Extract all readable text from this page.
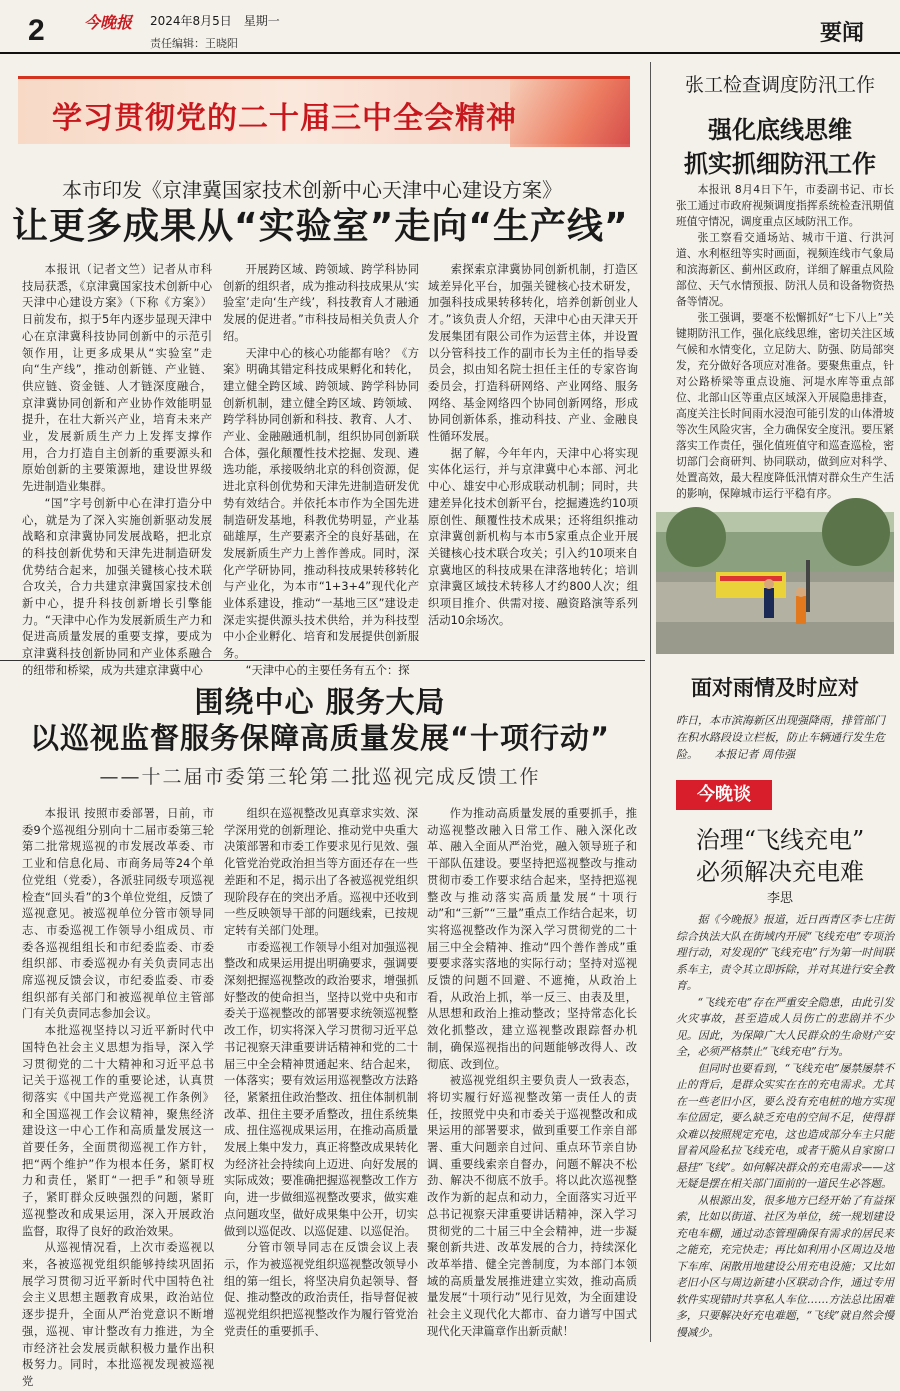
2 今晚报 2024年8月5日　星期一
责任编辑：王晓阳	要闻
学习贯彻党的二十届三中全会精神
本市印发《京津冀国家技术创新中心天津中心建设方案》
让更多成果从“实验室”走向“生产线”

本报讯（记者文竺）记者从市科技局获悉，《京津冀国家技术创新中心天津中心建设方案》（下称《方案》）日前发布，拟于5年内逐步显现天津中心在京津冀科技协同创新中的示范引领作用，让更多成果从“实验室”走向“生产线”，推动创新链、产业链、供应链、资金链、人才链深度融合，京津冀协同创新和产业协作效能明显提升，在壮大新兴产业，培育未来产业，发展新质生产力上发挥支撑作用，合力打造自主创新的重要源头和原始创新的主要策源地，建设世界级先进制造业集群。

“国”字号创新中心在津打造分中心，就是为了深入实施创新驱动发展战略和京津冀协同发展战略，把北京的科技创新优势和天津先进制造研发优势结合起来，加强关键核心技术联合攻关，合力共建京津冀国家技术创新中心，提升科技创新增长引擎能力。“天津中心作为发展新质生产力和促进高质量发展的重要支撑，要成为京津冀科技创新协同和产业体系融合的纽带和桥梁，成为共建京津冀中心

开展跨区域、跨领域、跨学科协同创新的组织者，成为推动科技成果从‘实验室’走向‘生产线’，科技教育人才融通发展的促进者。”市科技局相关负责人介绍。

天津中心的核心功能都有啥？《方案》明确其错定科技成果孵化和转化，建立健全跨区域、跨领域、跨学科协同创新机制，建立健全跨区域、跨领域、跨学科协同创新和科技、教育、人才、产业、金融融通机制，组织协同创新联合体，强化颠覆性技术挖掘、发现、遴选功能，承接吸纳北京的科创资源，促进北京科创优势和天津先进制造研发优势有效结合。并依托本市作为全国先进制造研发基地，科教优势明显，产业基础雄厚，生产要素齐全的良好基础，在发展新质生产力上善作善成。同时，深化产学研协同，推动科技成果转移转化与产业化，为本市“1+3+4”现代化产业体系建设，推动“一基地三区”建设走深走实提供源头技术供给，并为科技型中小企业孵化、培育和发展提供创新服务。

“天津中心的主要任务有五个：探

索探索京津冀协同创新机制，打造区域差异化平台，加强关键核心技术研发，加强科技成果转移转化，培养创新创业人才。”该负责人介绍，天津中心由天津天开发展集团有限公司作为运营主体，并设置以分管科技工作的副市长为主任的指导委员会，拟由知名院士担任主任的专家咨询委员会，打造科研网络、产业网络、服务网络、基金网络四个协同创新网络，形成协同创新体系，推动科技、产业、金融良性循环发展。

据了解，今年年内，天津中心将实现实体化运行，并与京津冀中心本部、河北中心、雄安中心形成联动机制；同时，共建差异化技术创新平台，挖掘遴选约10项原创性、颠覆性技术成果；还将组织推动京津冀创新机构与本市5家重点企业开展关键核心技术联合攻关；引入约10项来自京冀地区的科技成果在津落地转化；培训京津冀区域技术转移人才约800人次；组织项目推介、供需对接、融资路演等系列活动10余场次。

围绕中心 服务大局
以巡视监督服务保障高质量发展“十项行动”
——十二届市委第三轮第二批巡视完成反馈工作

本报讯 按照市委部署，日前，市委9个巡视组分别向十二届市委第三轮第二批常规巡视的市发展改革委、市工业和信息化局、市商务局等24个单位党组（党委），各派驻同级专项巡视检查“回头看”的3个单位党组，反馈了巡视意见。被巡视单位分管市领导同志、市委巡视工作领导小组成员、市委各巡视组组长和市纪委监委、市委组织部、市委巡视办有关负责同志出席巡视反馈会议，市纪委监委、市委组织部有关部门和被巡视单位主管部门有关负责同志参加会议。

本批巡视坚持以习近平新时代中国特色社会主义思想为指导，深入学习贯彻党的二十大精神和习近平总书记关于巡视工作的重要论述，认真贯彻落实《中国共产党巡视工作条例》和全国巡视工作会议精神，聚焦经济建设这一中心工作和高质量发展这一首要任务，全面贯彻巡视工作方针，把“两个维护”作为根本任务，紧盯权力和责任，紧盯“一把手”和领导班子，紧盯群众反映强烈的问题，紧盯巡视整改和成果运用，深入开展政治监督，取得了良好的政治效果。

从巡视情况看，上次市委巡视以来，各被巡视党组织能够持续巩固拓展学习贯彻习近平新时代中国特色社会主义思想主题教育成果，政治站位逐步提升，全面从严治党意识不断增强，巡视、审计整改有力推进，为全市经济社会发展贡献积极力量作出积极努力。同时，本批巡视发现被巡视党

组织在巡视整改见真章求实效、深学深用党的创新理论、推动党中央重大决策部署和市委工作要求见行见效、强化管党治党政治担当等方面还存在一些差距和不足，揭示出了各被巡视党组织现阶段存在的突出矛盾。巡视中还收到一些反映领导干部的问题线索，已按规定转有关部门处理。

市委巡视工作领导小组对加强巡视整改和成果运用提出明确要求，强调要深刻把握巡视整改的政治要求，增强抓好整改的使命担当，坚持以党中央和市委关于巡视整改的部署要求统领巡视整改工作，切实将深入学习贯彻习近平总书记视察天津重要讲话精神和党的二十届三中全会精神贯通起来、结合起来，一体落实；要有效运用巡视整改方法路径，紧紧扭住政治整改、扭住体制机制改革、扭住主要矛盾整改，扭住系统集成、扭住巡视成果运用，在推动高质量发展上集中发力，真正将整改成果转化为经济社会持续向上迈进、向好发展的实际成效；要准确把握巡视整改工作方向，进一步做细巡视整改要求，做实难点问题攻坚，做好成果集中公开，切实做到以巡促改、以巡促建、以巡促治。

分管市领导同志在反馈会议上表示，作为被巡视党组织巡视整改领导小组的第一组长，将坚决肩负起领导、督促、推动整改的政治责任，指导督促被巡视党组织把巡视整改作为履行管党治党责任的重要抓手、

作为推动高质量发展的重要抓手，推动巡视整改融入日常工作、融入深化改革、融入全面从严治党，融入领导班子和干部队伍建设。要坚持把巡视整改与推动贯彻市委工作要求结合起来，坚持把巡视整改与推动落实高质量发展“十项行动”和“三新”“三量”重点工作结合起来，切实将巡视整改作为深入学习贯彻党的二十届三中全会精神、推动“四个善作善成”重要要求落实落地的实际行动；坚持对巡视反馈的问题不回避、不遮掩，从政治上看，从政治上抓，举一反三、由表及里，从思想和政治上推动整改；坚持常态化长效化抓整改，建立巡视整改跟踪督办机制，确保巡视指出的问题能够改得人、改彻底、改到位。

被巡视党组织主要负责人一致表态，将切实履行好巡视整改第一责任人的责任，按照党中央和市委关于巡视整改和成果运用的部署要求，做到重要工作亲自部署、重大问题亲自过问、重点环节亲自协调、重要线索亲自督办，问题不解决不松劲、解决不彻底不放手。将以此次巡视整改作为新的起点和动力，全面落实习近平总书记视察天津重要讲话精神，深入学习贯彻党的二十届三中全会精神，进一步凝聚创新共进、改革发展的合力，持续深化改革举措、健全完善制度，为本部门本领域的高质量发展推进建立实效，推动高质量发展“十项行动”见行见效，为全面建设社会主义现代化大都市、奋力谱写中国式现代化天津篇章作出新贡献！

张工检查调度防汛工作
强化底线思维
抓实抓细防汛工作

本报讯 8月4日下午，市委副书记、市长张工通过市政府视频调度指挥系统检查汛期值班值守情况，调度重点区域防汛工作。

张工察看交通场站、城市干道、行洪河道、水利枢纽等实时画面，视频连线市气象局和滨海新区、蓟州区政府，详细了解重点风险部位、天气水情预报、防汛人员和设备物资热备等情况。

张工强调，要毫不松懈抓好“七下八上”关键期防汛工作，强化底线思维，密切关注区域气候和水情变化，立足防大、防强、防局部突发，充分做好各项应对准备。要聚焦重点，针对公路桥梁等重点设施、河堤水库等重点部位、北部山区等重点区域深入开展隐患排查，高度关注长时间雨水浸泡可能引发的山体滑坡等次生风险灾害，全力确保安全度汛。要压紧落实工作责任，强化值班值守和巡查巡检，密切部门会商研判、协同联动，做到应对科学、处置高效，最大程度降低汛情对群众生产生活的影响，保障城市运行平稳有序。

面对雨情及时应对
昨日，本市滨海新区出现强降雨，排管部门在积水路段设立栏板，防止车辆通行发生危险。　　本报记者 周伟强
今晚谈
治理“飞线充电”
必须解决充电难
李思

据《今晚报》报道，近日西青区李七庄街综合执法大队在街域内开展“飞线充电”专项治理行动，对发现的“飞线充电”行为第一时间联系车主，责令其立即拆除，并对其进行安全教育。

“飞线充电”存在严重安全隐患，由此引发火灾事故，甚至造成人员伤亡的悲剧并不少见。因此，为保障广大人民群众的生命财产安全，必须严格禁止“飞线充电”行为。

但同时也要看到，“飞线充电”屡禁屡禁不止的背后，是群众实实在在的充电需求。尤其在一些老旧小区，要么没有充电桩的地方实现车位固定，要么缺乏充电的空间不足，使得群众难以按照规定充电，这也造成部分车主只能冒着风险私拉飞线充电，或者干脆从自家窗口悬挂“飞线”。如何解决群众的充电需求——这无疑是摆在相关部门面前的一道民生必答题。

从根源出发，很多地方已经开始了有益探索，比如以街道、社区为单位，统一规划建设充电车棚，通过动态管理确保有需求的居民来之能充，充完快走；再比如利用小区周边及地下车库、闲散用地建设公用充电设施；又比如老旧小区与周边新建小区联动合作，通过专用软件实现错时共享私人车位……方法总比困难多，只要解决好充电难题，“飞线”就自然会慢慢减少。
